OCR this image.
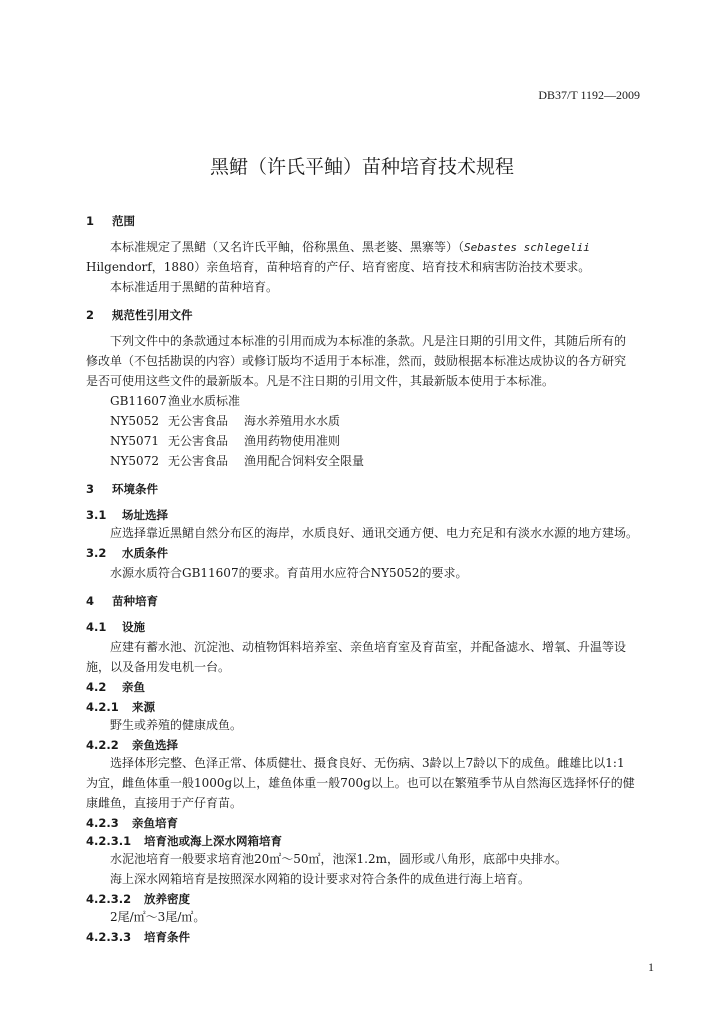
DB37/T 1192—2009
黑鲪（许氏平鲉）苗种培育技术规程
1 范围
本标准规定了黑鲪（又名许氏平鲉，俗称黑鱼、黑老婆、黑寨等）（Sebastes schlegelii
Hilgendorf，1880）亲鱼培育，苗种培育的产仔、培育密度、培育技术和病害防治技术要求。
本标准适用于黑鲪的苗种培育。
2 规范性引用文件
下列文件中的条款通过本标准的引用而成为本标准的条款。凡是注日期的引用文件，其随后所有的
修改单（不包括勘误的内容）或修订版均不适用于本标准，然而，鼓励根据本标准达成协议的各方研究
是否可使用这些文件的最新版本。凡是不注日期的引用文件，其最新版本使用于本标准。
GB11607渔业水质标准
NY5052 无公害食品 海水养殖用水水质
NY5071 无公害食品 渔用药物使用准则
NY5072 无公害食品 渔用配合饲料安全限量
3 环境条件
3.1 场址选择
应选择靠近黑鲪自然分布区的海岸，水质良好、通讯交通方便、电力充足和有淡水水源的地方建场。
3.2 水质条件
水源水质符合GB11607的要求。育苗用水应符合NY5052的要求。
4 苗种培育
4.1 设施
应建有蓄水池、沉淀池、动植物饵料培养室、亲鱼培育室及育苗室，并配备滤水、增氧、升温等设
施，以及备用发电机一台。
4.2 亲鱼
4.2.1 来源
野生或养殖的健康成鱼。
4.2.2 亲鱼选择
选择体形完整、色泽正常、体质健壮、摄食良好、无伤病、3龄以上7龄以下的成鱼。雌雄比以1:1
为宜，雌鱼体重一般1000g以上，雄鱼体重一般700g以上。也可以在繁殖季节从自然海区选择怀仔的健
康雌鱼，直接用于产仔育苗。
4.2.3 亲鱼培育
4.2.3.1 培育池或海上深水网箱培育
水泥池培育一般要求培育池20㎡～50㎡，池深1.2m，圆形或八角形，底部中央排水。
海上深水网箱培育是按照深水网箱的设计要求对符合条件的成鱼进行海上培育。
4.2.3.2 放养密度
2尾/㎡～3尾/㎡。
4.2.3.3 培育条件
1
